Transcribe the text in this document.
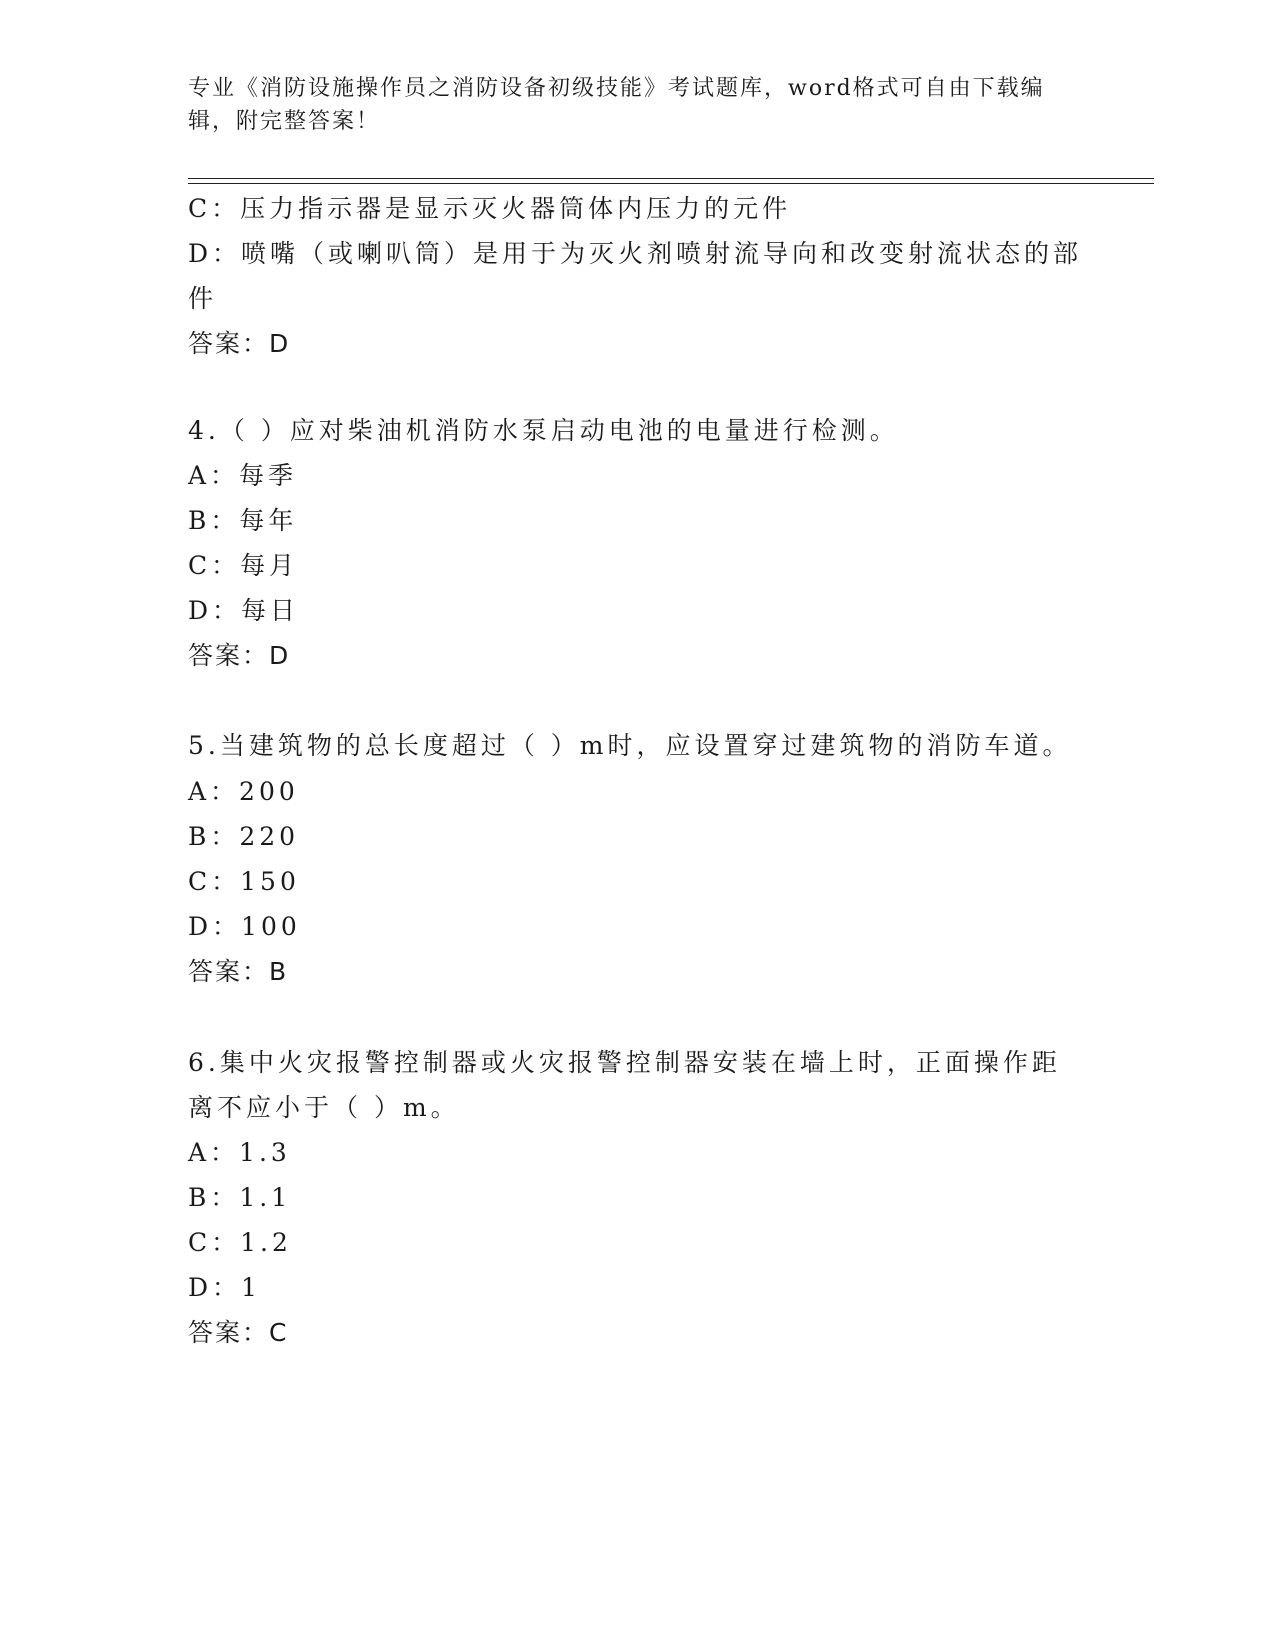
专业《消防设施操作员之消防设备初级技能》考试题库，word格式可自由下载编
辑，附完整答案！
C：压力指示器是显示灭火器筒体内压力的元件
D：喷嘴（或喇叭筒）是用于为灭火剂喷射流导向和改变射流状态的部
件
答案：D
4.（ ）应对柴油机消防水泵启动电池的电量进行检测。
A：每季
B：每年
C：每月
D：每日
答案：D
5.当建筑物的总长度超过（ ）m时，应设置穿过建筑物的消防车道。
A：200
B：220
C：150
D：100
答案：B
6.集中火灾报警控制器或火灾报警控制器安装在墙上时，正面操作距
离不应小于（ ）m。
A：1.3
B：1.1
C：1.2
D：1
答案：C
